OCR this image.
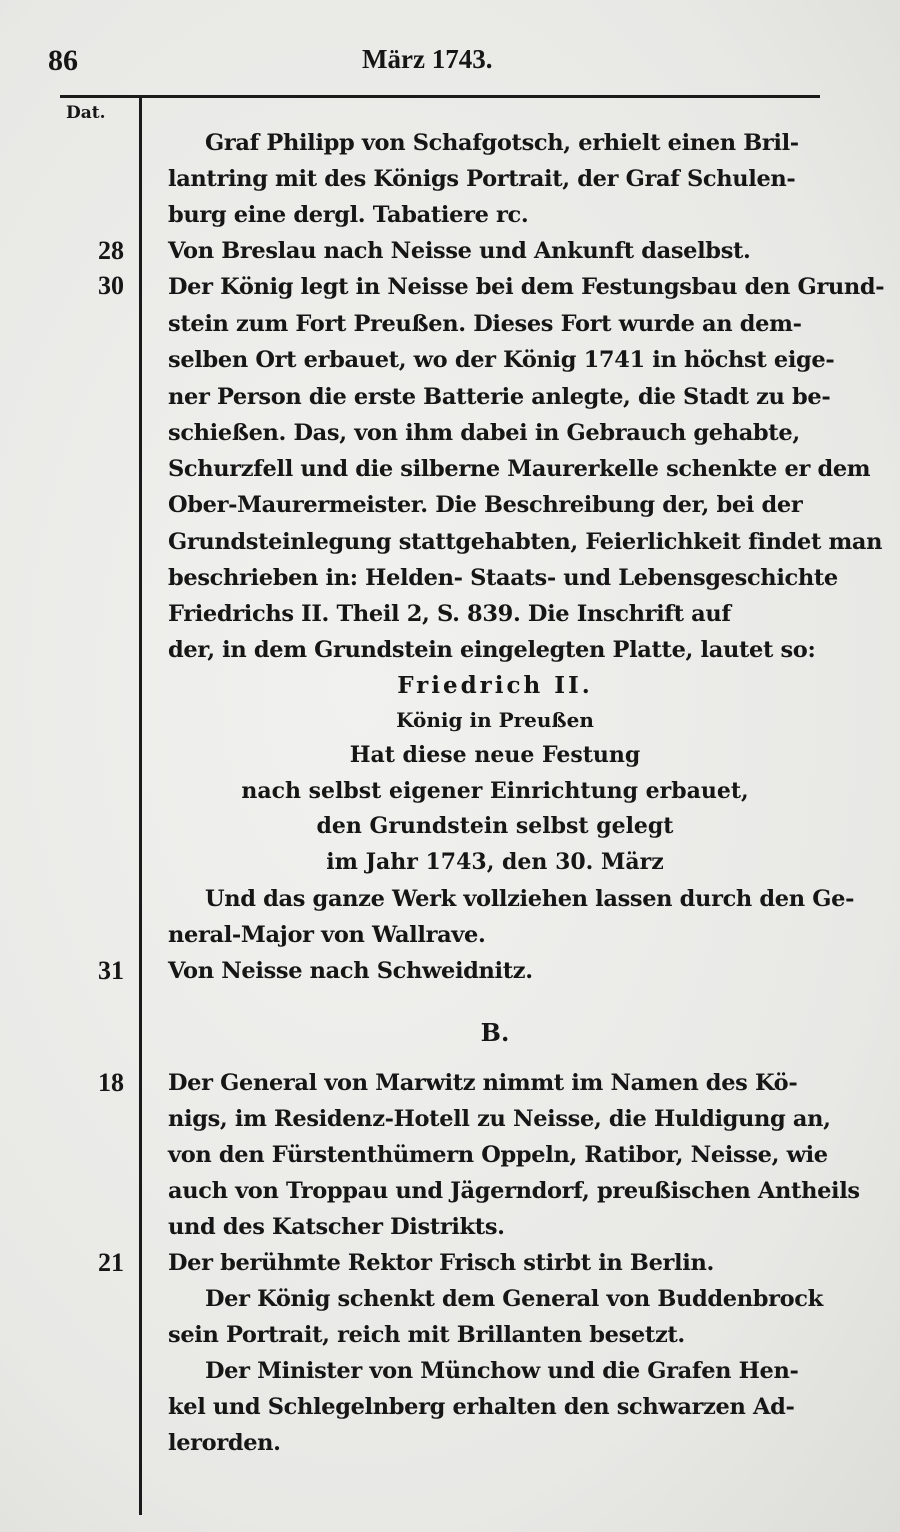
86	März 1743.
Dat.
28
30
31
18
21
Graf Philipp von Schafgotsch, erhielt einen Bril-
lantring mit des Königs Portrait, der Graf Schulen-
burg eine dergl. Tabatiere rc.
Von Breslau nach Neisse und Ankunft daselbst.
Der König legt in Neisse bei dem Festungsbau den Grund-
stein zum Fort Preußen. Dieses Fort wurde an dem-
selben Ort erbauet, wo der König 1741 in höchst eige-
ner Person die erste Batterie anlegte, die Stadt zu be-
schießen. Das, von ihm dabei in Gebrauch gehabte,
Schurzfell und die silberne Maurerkelle schenkte er dem
Ober-Maurermeister. Die Beschreibung der, bei der
Grundsteinlegung stattgehabten, Feierlichkeit findet man
beschrieben in: Helden- Staats- und Lebensgeschichte
Friedrichs II. Theil 2, S. 839. Die Inschrift auf
der, in dem Grundstein eingelegten Platte, lautet so:
Friedrich II.
König in Preußen
Hat diese neue Festung
nach selbst eigener Einrichtung erbauet,
den Grundstein selbst gelegt
im Jahr 1743, den 30. März
Und das ganze Werk vollziehen lassen durch den Ge-
neral-Major von Wallrave.
Von Neisse nach Schweidnitz.
B.
Der General von Marwitz nimmt im Namen des Kö-
nigs, im Residenz-Hotell zu Neisse, die Huldigung an,
von den Fürstenthümern Oppeln, Ratibor, Neisse, wie
auch von Troppau und Jägerndorf, preußischen Antheils
und des Katscher Distrikts.
Der berühmte Rektor Frisch stirbt in Berlin.
Der König schenkt dem General von Buddenbrock
sein Portrait, reich mit Brillanten besetzt.
Der Minister von Münchow und die Grafen Hen-
kel und Schlegelnberg erhalten den schwarzen Ad-
lerorden.
